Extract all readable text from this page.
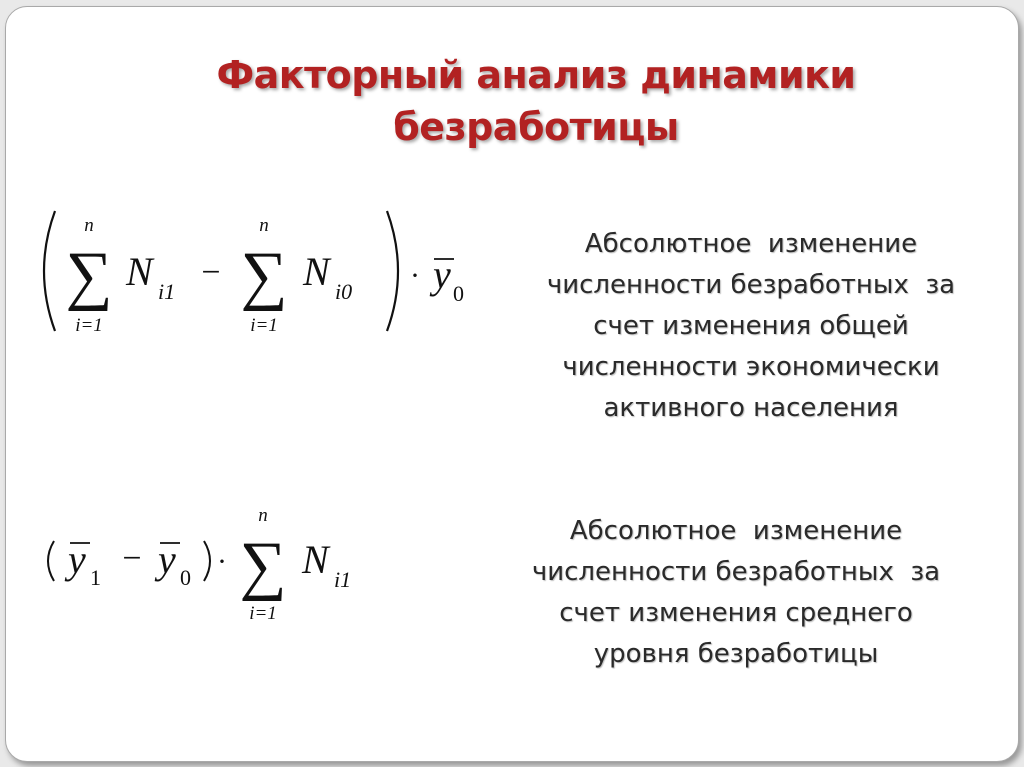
Факторный анализ динамики
безработицы
n
∑
i=1
N i1
−
n
∑
i=1
N i0 · y 0
Абсолютное  изменение
численности безработных  за
счет изменения общей
численности экономически
активного населения
y 1
− y 0 ·
n
∑
i=1
N i1
Абсолютное  изменение
численности безработных  за
счет изменения среднего
уровня безработицы
